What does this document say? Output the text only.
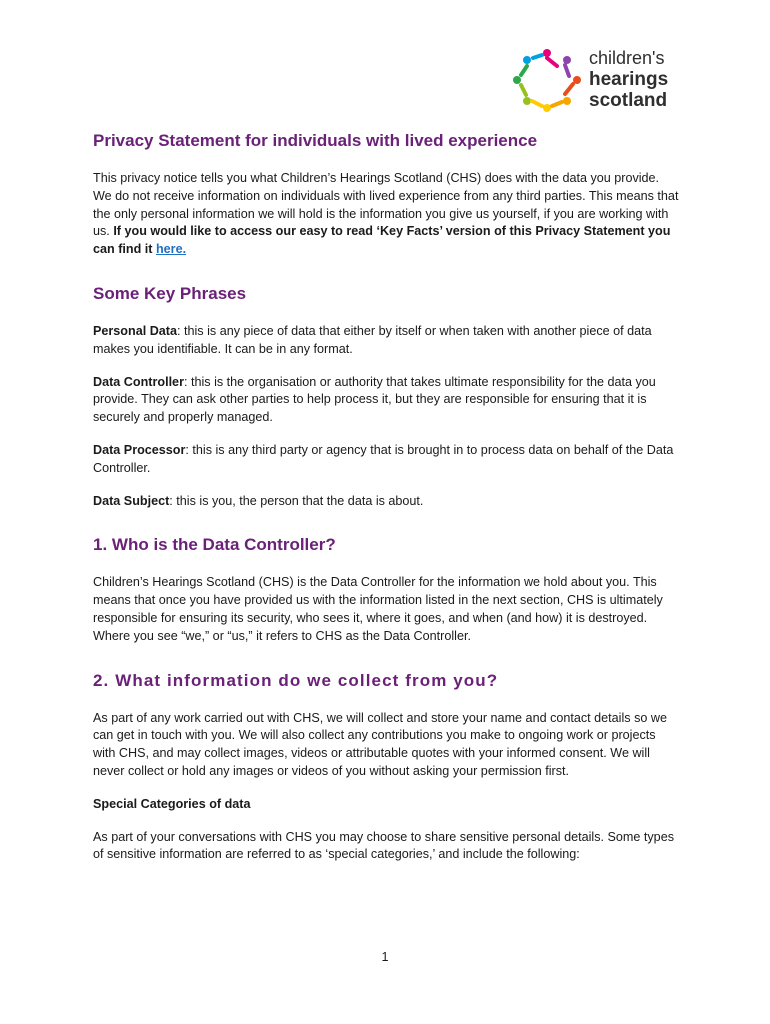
children's
hearings
scotland
Privacy Statement for individuals with lived experience

This privacy notice tells you what Children’s Hearings Scotland (CHS) does with the data you provide. We do not receive information on individuals with lived experience from any third parties. This means that the only personal information we will hold is the information you give us yourself, if you are working with us. If you would like to access our easy to read ‘Key Facts’ version of this Privacy Statement you can find it here.

Some Key Phrases

Personal Data: this is any piece of data that either by itself or when taken with another piece of data makes you identifiable. It can be in any format.

Data Controller: this is the organisation or authority that takes ultimate responsibility for the data you provide. They can ask other parties to help process it, but they are responsible for ensuring that it is securely and properly managed.

Data Processor: this is any third party or agency that is brought in to process data on behalf of the Data Controller.

Data Subject: this is you, the person that the data is about.

1. Who is the Data Controller?

Children’s Hearings Scotland (CHS) is the Data Controller for the information we hold about you. This means that once you have provided us with the information listed in the next section, CHS is ultimately responsible for ensuring its security, who sees it, where it goes, and when (and how) it is destroyed. Where you see “we,” or “us,” it refers to CHS as the Data Controller.

2. What information do we collect from you?

As part of any work carried out with CHS, we will collect and store your name and contact details so we can get in touch with you. We will also collect any contributions you make to ongoing work or projects with CHS, and may collect images, videos or attributable quotes with your informed consent. We will never collect or hold any images or videos of you without asking your permission first.

Special Categories of data

As part of your conversations with CHS you may choose to share sensitive personal details. Some types of sensitive information are referred to as ‘special categories,’ and include the following:

1
